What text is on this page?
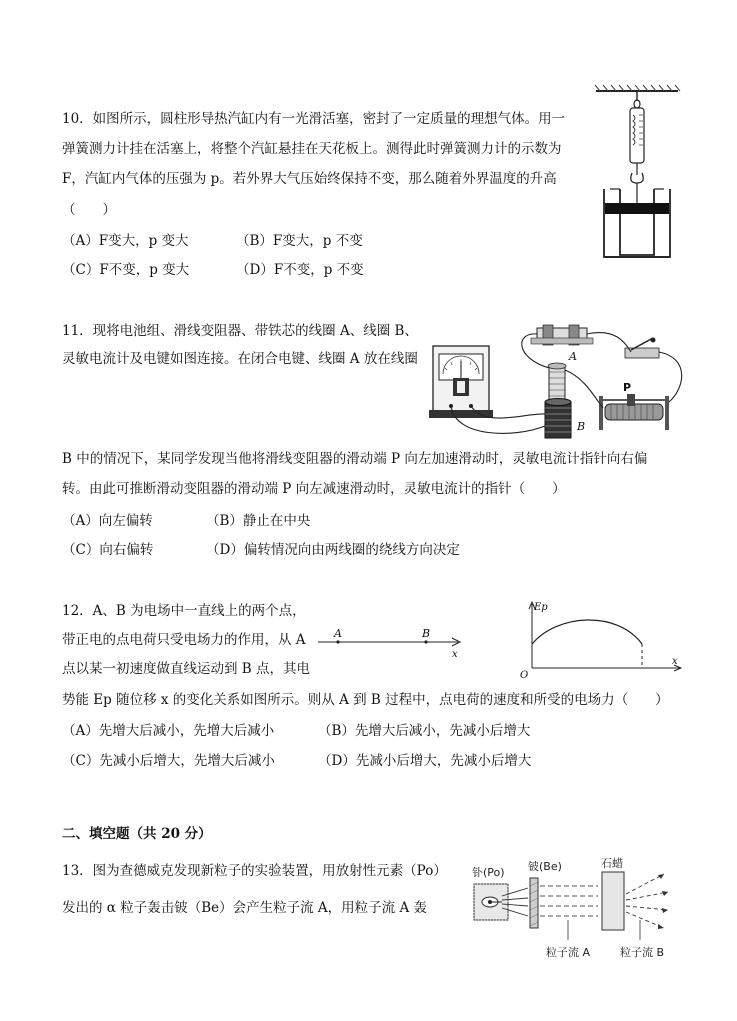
10．如图所示，圆柱形导热汽缸内有一光滑活塞，密封了一定质量的理想气体。用一
弹簧测力计挂在活塞上，将整个汽缸悬挂在天花板上。测得此时弹簧测力计的示数为
F，汽缸内气体的压强为 p。若外界大气压始终保持不变，那么随着外界温度的升高
（　　）
（A）F变大，p 变大	（B）F变大，p 不变
（C）F不变，p 变大	（D）F不变，p 不变
11．现将电池组、滑线变阻器、带铁芯的线圈 A、线圈 B、
灵敏电流计及电键如图连接。在闭合电键、线圈 A 放在线圈
B 中的情况下，某同学发现当他将滑线变阻器的滑动端 P 向左加速滑动时，灵敏电流计指针向右偏
转。由此可推断滑动变阻器的滑动端 P 向左减速滑动时，灵敏电流计的指针（　　）
（A）向左偏转	（B）静止在中央
（C）向右偏转	（D）偏转情况向由两线圈的绕线方向决定
A
B
P
12．A、B 为电场中一直线上的两个点，
带正电的点电荷只受电场力的作用，从 A
点以某一初速度做直线运动到 B 点，其电
势能 Ep 随位移 x 的变化关系如图所示。则从 A 到 B 过程中，点电荷的速度和所受的电场力（　　）
（A）先增大后减小，先增大后减小	（B）先增大后减小，先减小后增大
（C）先减小后增大，先增大后减小	（D）先减小后增大，先减小后增大
A	B
x
Ep
x
O
二、填空题（共 20 分）
13．图为查德威克发现新粒子的实验装置，用放射性元素（Po）
发出的 α 粒子轰击铍（Be）会产生粒子流 A，用粒子流 A 轰
钋(Po) 铍(Be)
粒子流 A
石蜡
粒子流 B
